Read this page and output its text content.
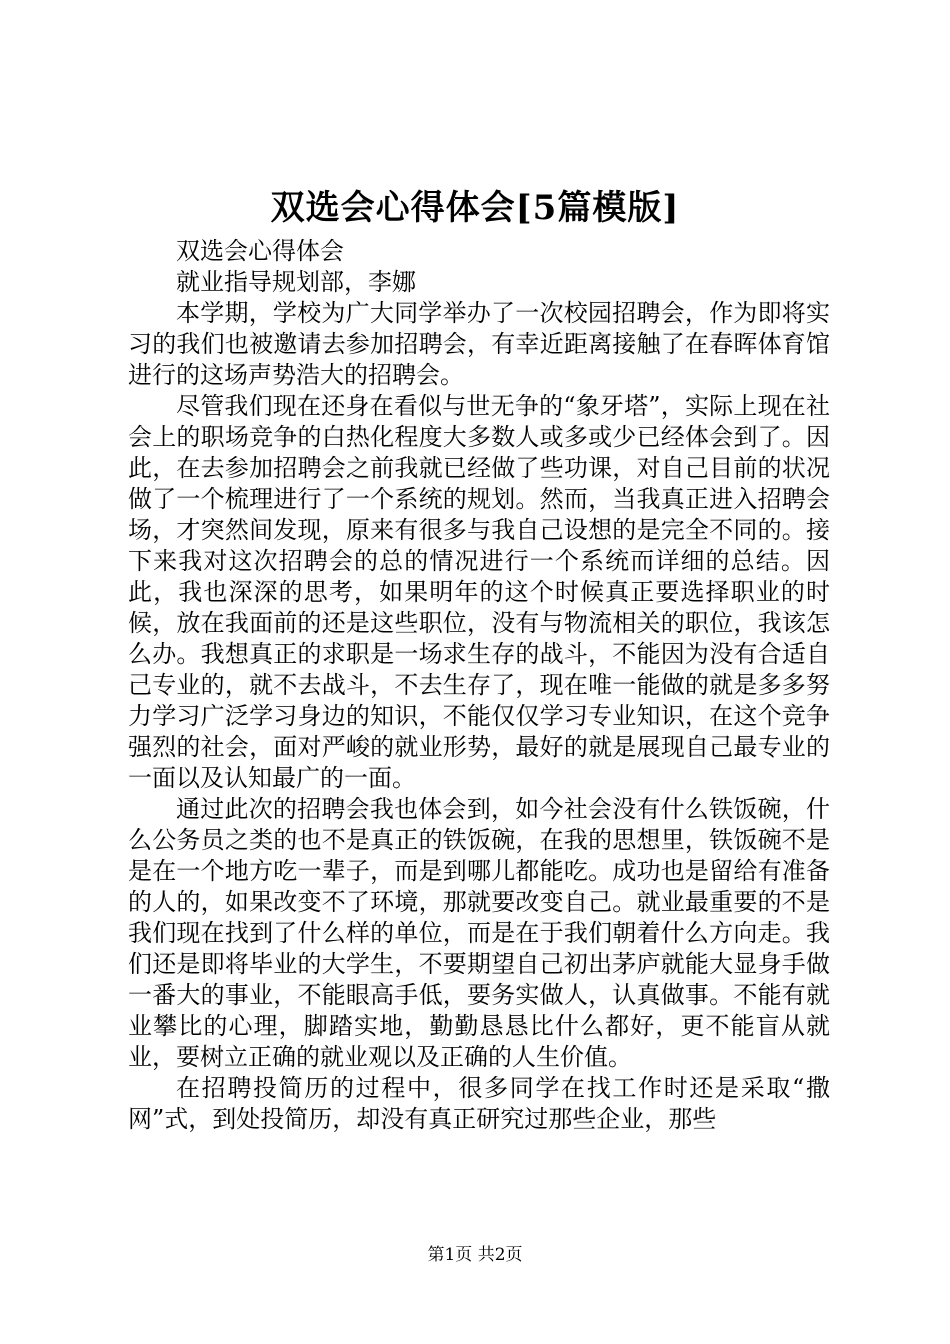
双选会心得体会[5篇模版]

双选会心得体会

就业指导规划部，李娜

本学期，学校为广大同学举办了一次校园招聘会，作为即将实习的我们也被邀请去参加招聘会，有幸近距离接触了在春晖体育馆进行的这场声势浩大的招聘会。

尽管我们现在还身在看似与世无争的“象牙塔”，实际上现在社会上的职场竞争的白热化程度大多数人或多或少已经体会到了。因此，在去参加招聘会之前我就已经做了些功课，对自己目前的状况做了一个梳理进行了一个系统的规划。然而，当我真正进入招聘会场，才突然间发现，原来有很多与我自己设想的是完全不同的。接下来我对这次招聘会的总的情况进行一个系统而详细的总结。因此，我也深深的思考，如果明年的这个时候真正要选择职业的时候，放在我面前的还是这些职位，没有与物流相关的职位，我该怎么办。我想真正的求职是一场求生存的战斗，不能因为没有合适自己专业的，就不去战斗，不去生存了，现在唯一能做的就是多多努力学习广泛学习身边的知识，不能仅仅学习专业知识，在这个竞争强烈的社会，面对严峻的就业形势，最好的就是展现自己最专业的一面以及认知最广的一面。

通过此次的招聘会我也体会到，如今社会没有什么铁饭碗，什么公务员之类的也不是真正的铁饭碗，在我的思想里，铁饭碗不是是在一个地方吃一辈子，而是到哪儿都能吃。成功也是留给有准备的人的，如果改变不了环境，那就要改变自己。就业最重要的不是我们现在找到了什么样的单位，而是在于我们朝着什么方向走。我们还是即将毕业的大学生，不要期望自己初出茅庐就能大显身手做一番大的事业，不能眼高手低，要务实做人，认真做事。不能有就业攀比的心理，脚踏实地，勤勤恳恳比什么都好，更不能盲从就业，要树立正确的就业观以及正确的人生价值。

在招聘投简历的过程中，很多同学在找工作时还是采取“撒网”式，到处投简历，却没有真正研究过那些企业，那些

第1页 共2页
